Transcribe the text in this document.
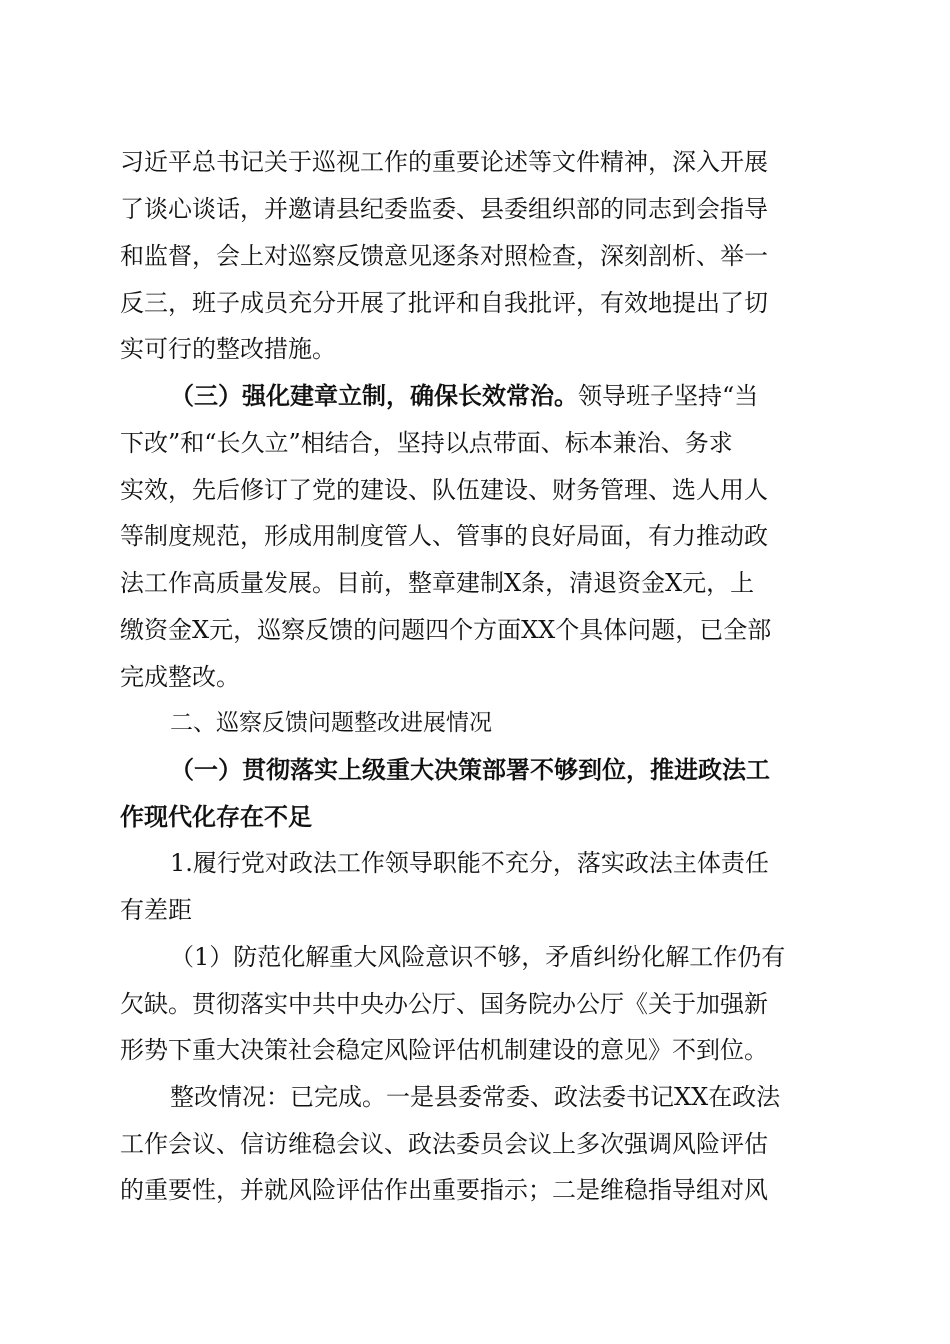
习近平总书记关于巡视工作的重要论述等文件精神，深入开展
了谈心谈话，并邀请县纪委监委、县委组织部的同志到会指导
和监督，会上对巡察反馈意见逐条对照检查，深刻剖析、举一
反三，班子成员充分开展了批评和自我批评，有效地提出了切
实可行的整改措施。
（三）强化建章立制，确保长效常治。领导班子坚持“当
下改”和“长久立”相结合，坚持以点带面、标本兼治、务求
实效，先后修订了党的建设、队伍建设、财务管理、选人用人
等制度规范，形成用制度管人、管事的良好局面，有力推动政
法工作高质量发展。目前，整章建制X条，清退资金X元，上
缴资金X元，巡察反馈的问题四个方面XX个具体问题，已全部
完成整改。
二、巡察反馈问题整改进展情况
（一）贯彻落实上级重大决策部署不够到位，推进政法工
作现代化存在不足
1.履行党对政法工作领导职能不充分，落实政法主体责任
有差距
（1）防范化解重大风险意识不够，矛盾纠纷化解工作仍有
欠缺。贯彻落实中共中央办公厅、国务院办公厅《关于加强新
形势下重大决策社会稳定风险评估机制建设的意见》不到位。
整改情况：已完成。一是县委常委、政法委书记XX在政法
工作会议、信访维稳会议、政法委员会议上多次强调风险评估
的重要性，并就风险评估作出重要指示；二是维稳指导组对风
